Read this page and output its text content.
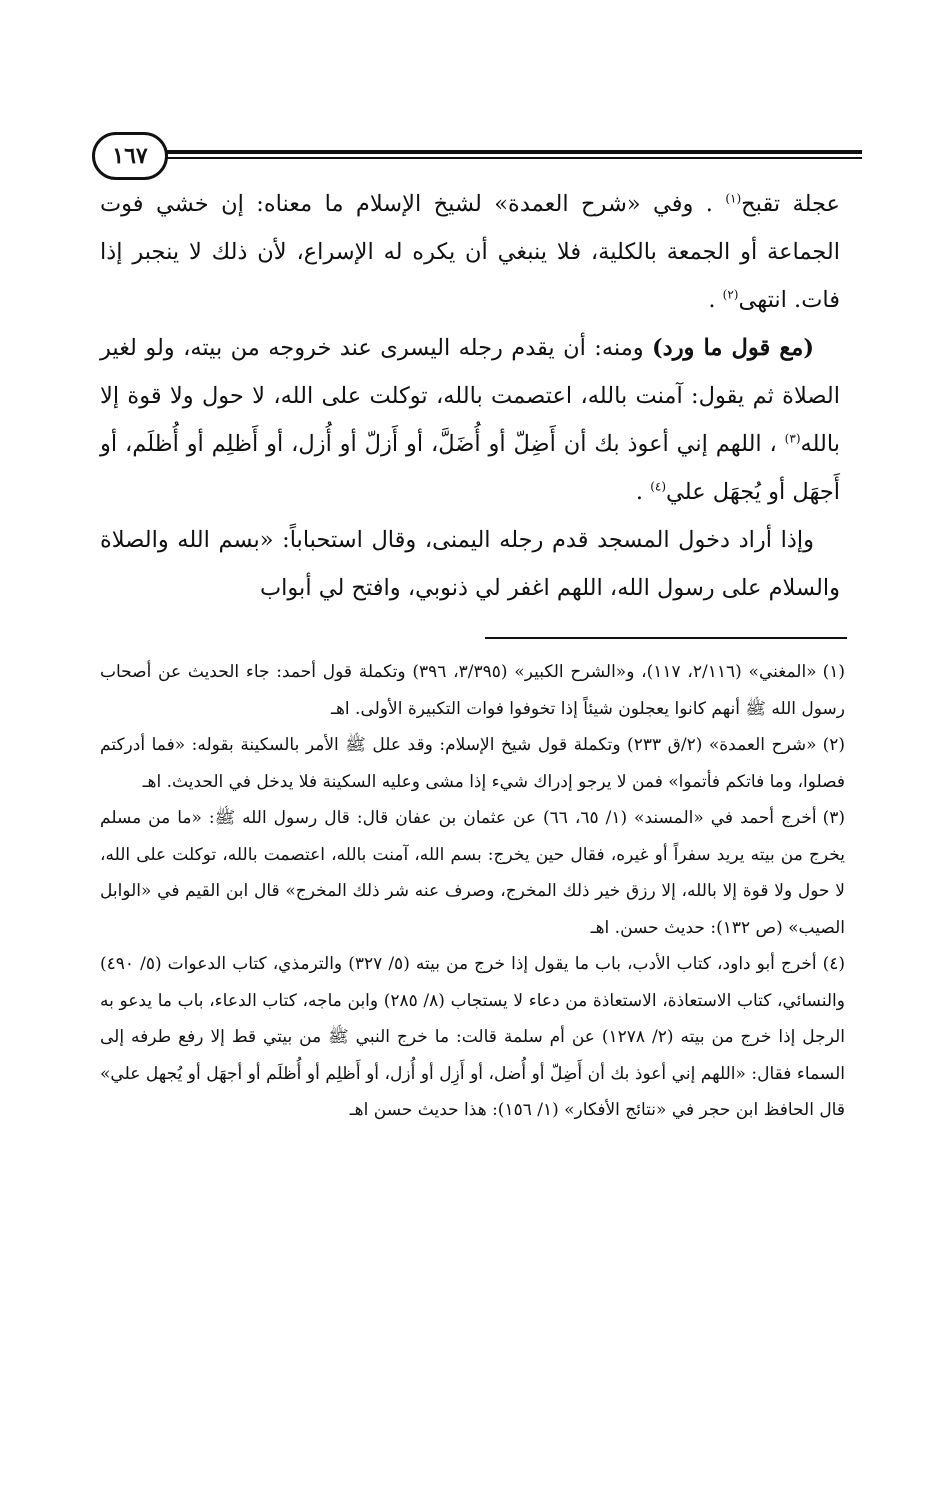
١٦٧

عجلة تقبح$^{(١)}$ . وفي «شرح العمدة» لشيخ الإسلام ما معناه: إن خشي فوت الجماعة أو الجمعة بالكلية، فلا ينبغي أن يكره له الإسراع، لأن ذلك لا ينجبر إذا فات. انتهى$^{(٢)}$ .

(مع قول ما ورد) ومنه: أن يقدم رجله اليسرى عند خروجه من بيته، ولو لغير الصلاة ثم يقول: آمنت بالله، اعتصمت بالله، توكلت على الله، لا حول ولا قوة إلا بالله$^{(٣)}$ ، اللهم إني أعوذ بك أن أَضِلّ أو أُضَلَّ، أو أَزلّ أو أُزل، أو أَظلِم أو أُظلَم، أو أَجهَل أو يُجهَل علي$^{(٤)}$ .

وإذا أراد دخول المسجد قدم رجله اليمنى، وقال استحباباً: «بسم الله والصلاة والسلام على رسول الله، اللهم اغفر لي ذنوبي، وافتح لي أبواب

(١)«المغني» (٢/١١٦، ١١٧)، و«الشرح الكبير» (٣/٣٩٥، ٣٩٦) وتكملة قول أحمد: جاء الحديث عن أصحاب رسول الله ﷺ أنهم كانوا يعجلون شيئاً إذا تخوفوا فوات التكبيرة الأولى. اهـ

(٢)«شرح العمدة» (٢/ق ٢٣٣) وتكملة قول شيخ الإسلام: وقد علل ﷺ الأمر بالسكينة بقوله: «فما أدركتم فصلوا، وما فاتكم فأتموا» فمن لا يرجو إدراك شيء إذا مشى وعليه السكينة فلا يدخل في الحديث. اهـ

(٣)أخرج أحمد في «المسند» (١/ ٦٥، ٦٦) عن عثمان بن عفان قال: قال رسول الله ﷺ: «ما من مسلم يخرج من بيته يريد سفراً أو غيره، فقال حين يخرج: بسم الله، آمنت بالله، اعتصمت بالله، توكلت على الله، لا حول ولا قوة إلا بالله، إلا رزق خير ذلك المخرج، وصرف عنه شر ذلك المخرج» قال ابن القيم في «الوابل الصيب» (ص ١٣٢): حديث حسن. اهـ

(٤)أخرج أبو داود، كتاب الأدب، باب ما يقول إذا خرج من بيته (٥/ ٣٢٧) والترمذي، كتاب الدعوات (٥/ ٤٩٠) والنسائي، كتاب الاستعاذة، الاستعاذة من دعاء لا يستجاب (٨/ ٢٨٥) وابن ماجه، كتاب الدعاء، باب ما يدعو به الرجل إذا خرج من بيته (٢/ ١٢٧٨) عن أم سلمة قالت: ما خرج النبي ﷺ من بيتي قط إلا رفع طرفه إلى السماء فقال: «اللهم إني أعوذ بك أن أَضِلّ أو أُضل، أو أَزِل أو أُزل، أو أَظلِم أو أُظلَم أو أجهَل أو يُجهل علي» قال الحافظ ابن حجر في «نتائج الأفكار» (١/ ١٥٦): هذا حديث حسن اهـ
